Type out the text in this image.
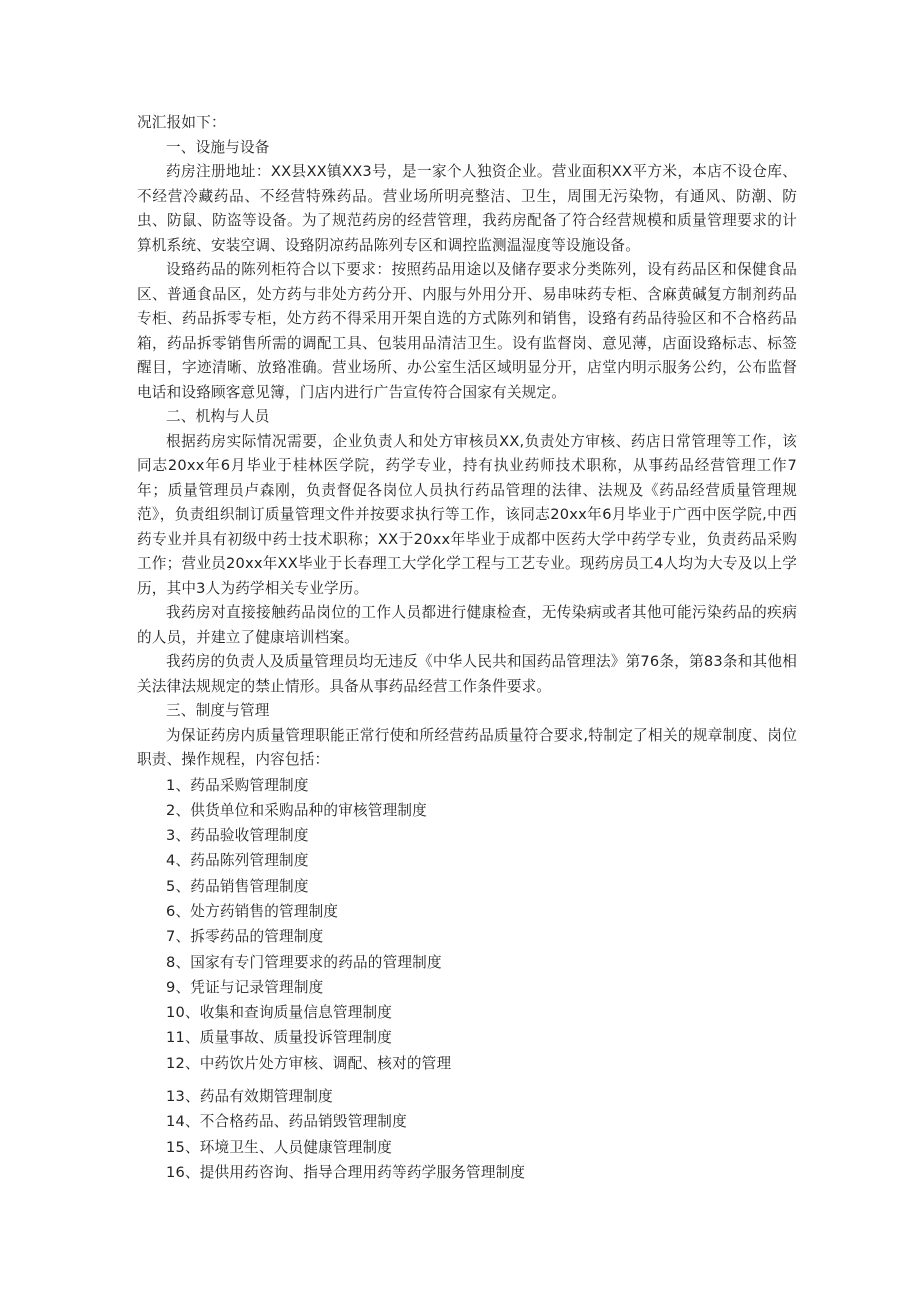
况汇报如下：

一、设施与设备

药房注册地址：XX县XX镇XX3号，是一家个人独资企业。营业面积XX平方米，本店不设仓库、不经营冷藏药品、不经营特殊药品。营业场所明亮整洁、卫生，周围无污染物，有通风、防潮、防虫、防鼠、防盗等设备。为了规范药房的经营管理，我药房配备了符合经营规模和质量管理要求的计算机系统、安装空调、设臵阴凉药品陈列专区和调控监测温湿度等设施设备。

设臵药品的陈列柜符合以下要求：按照药品用途以及储存要求分类陈列，设有药品区和保健食品区、普通食品区，处方药与非处方药分开、内服与外用分开、易串味药专柜、含麻黄碱复方制剂药品专柜、药品拆零专柜，处方药不得采用开架自选的方式陈列和销售，设臵有药品待验区和不合格药品箱，药品拆零销售所需的调配工具、包装用品清洁卫生。设有监督岗、意见薄，店面设臵标志、标签醒目，字迹清晰、放臵准确。营业场所、办公室生活区域明显分开，店堂内明示服务公约，公布监督电话和设臵顾客意见簿，门店内进行广告宣传符合国家有关规定。

二、机构与人员

根据药房实际情况需要，企业负责人和处方审核员XX,负责处方审核、药店日常管理等工作，该同志20xx年6月毕业于桂林医学院，药学专业，持有执业药师技术职称，从事药品经营管理工作7年；质量管理员卢森刚，负责督促各岗位人员执行药品管理的法律、法规及《药品经营质量管理规范》，负责组织制订质量管理文件并按要求执行等工作，该同志20xx年6月毕业于广西中医学院,中西药专业并具有初级中药士技术职称；XX于20xx年毕业于成都中医药大学中药学专业，负责药品采购工作；营业员20xx年XX毕业于长春理工大学化学工程与工艺专业。现药房员工4人均为大专及以上学历，其中3人为药学相关专业学历。

我药房对直接接触药品岗位的工作人员都进行健康检查，无传染病或者其他可能污染药品的疾病的人员，并建立了健康培训档案。

我药房的负责人及质量管理员均无违反《中华人民共和国药品管理法》第76条，第83条和其他相关法律法规规定的禁止情形。具备从事药品经营工作条件要求。

三、制度与管理

为保证药房内质量管理职能正常行使和所经营药品质量符合要求,特制定了相关的规章制度、岗位职责、操作规程，内容包括：

1、药品采购管理制度
2、供货单位和采购品种的审核管理制度
3、药品验收管理制度
4、药品陈列管理制度
5、药品销售管理制度
6、处方药销售的管理制度
7、拆零药品的管理制度
8、国家有专门管理要求的药品的管理制度
9、凭证与记录管理制度
10、收集和查询质量信息管理制度
11、质量事故、质量投诉管理制度
12、中药饮片处方审核、调配、核对的管理
13、药品有效期管理制度
14、不合格药品、药品销毁管理制度
15、环境卫生、人员健康管理制度
16、提供用药咨询、指导合理用药等药学服务管理制度
